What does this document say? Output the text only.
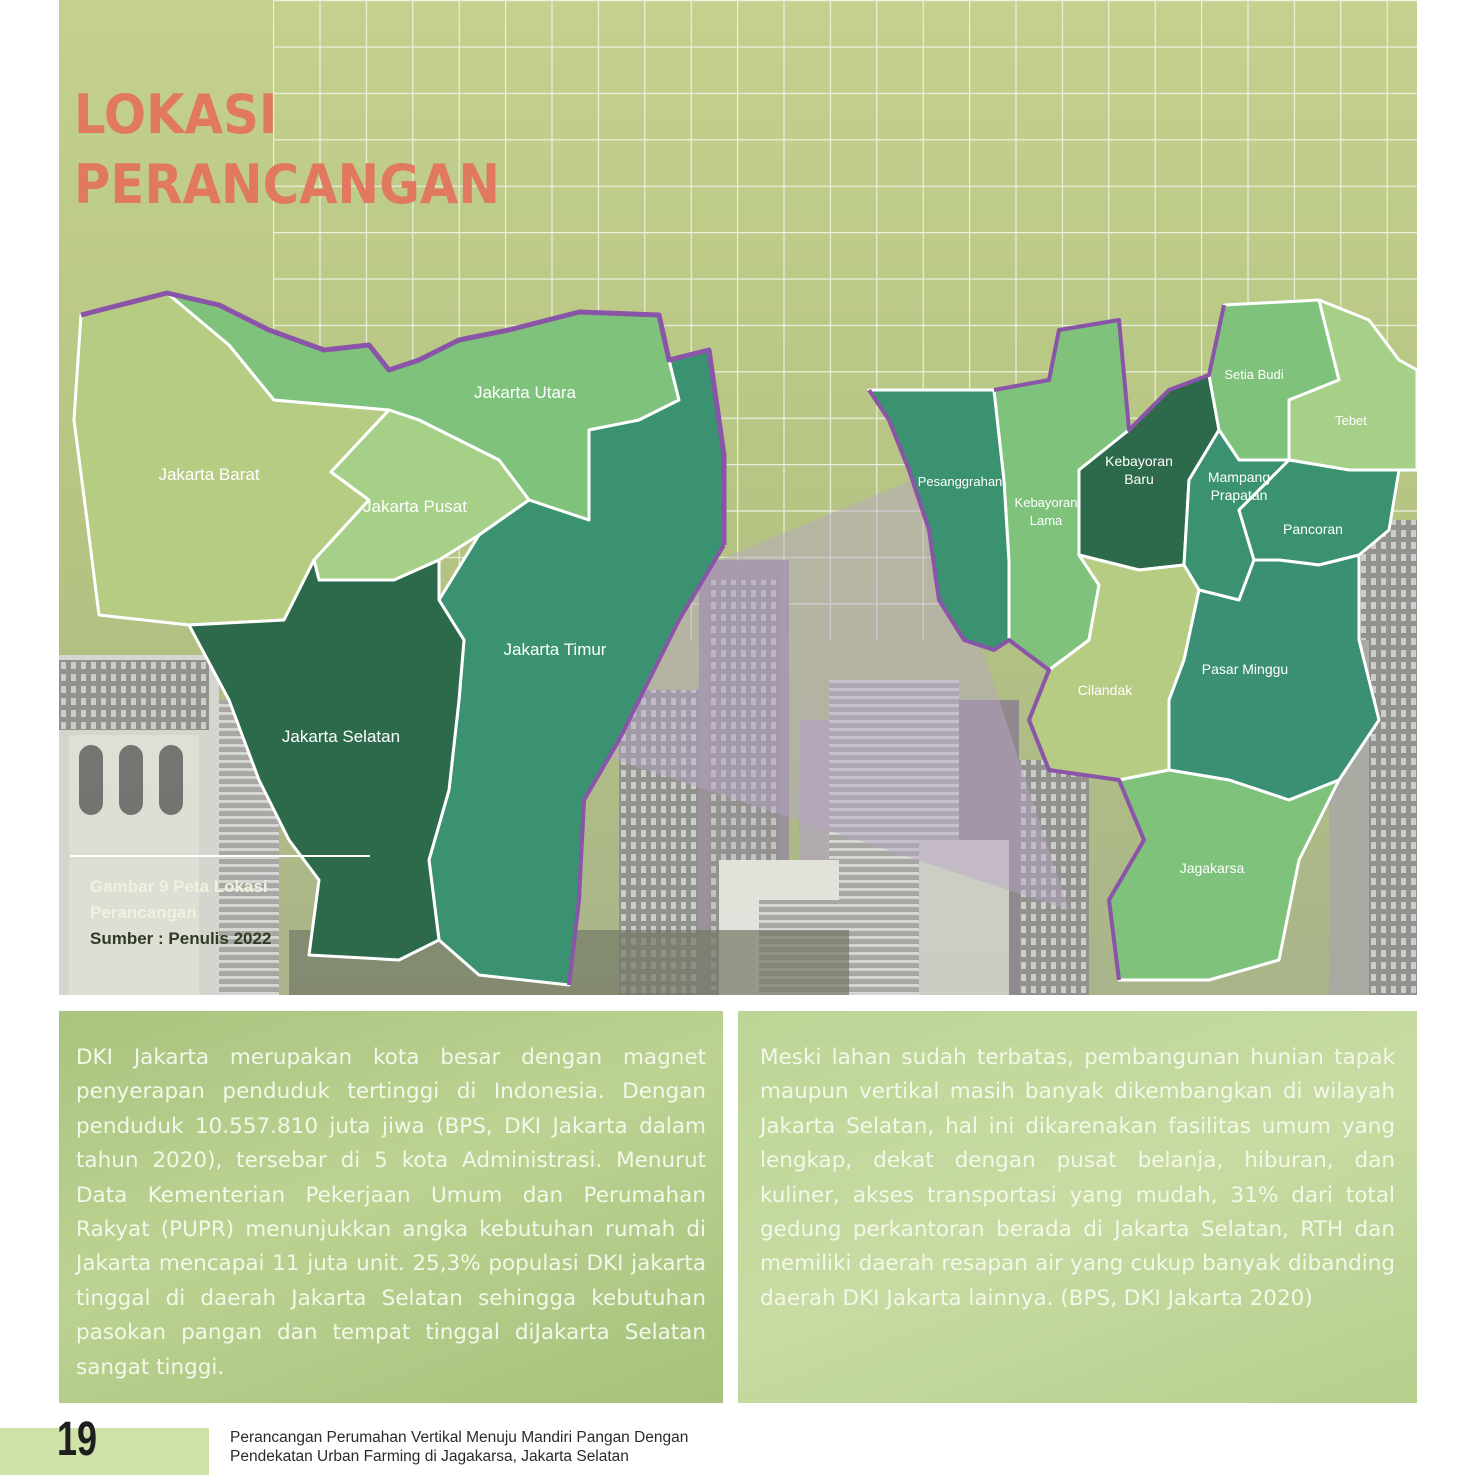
Jakarta Barat
Jakarta Utara
Jakarta Pusat
Jakarta Timur
Jakarta Selatan
Pesanggrahan
Kebayoran
Lama
Kebayoran
Baru
Setia Budi
Tebet
Mampang
Prapatan
Pancoran
Cilandak
Pasar Minggu
Jagakarsa
LOKASI
PERANCANGAN
Gambar 9 Peta Lokasi
Perancangan
Sumber : Penulis 2022

DKI Jakarta merupakan kota besar dengan magnet penyerapan penduduk tertinggi di Indonesia. Dengan penduduk 10.557.810 juta jiwa (BPS, DKI Jakarta dalam tahun 2020), tersebar di 5 kota Administrasi. Menurut Data Kementerian Pekerjaan Umum dan Perumahan Rakyat (PUPR) menunjukkan angka kebutuhan rumah di Jakarta mencapai 11 juta unit. 25,3% populasi DKI jakarta tinggal di daerah Jakarta Selatan sehingga kebutuhan pasokan pangan dan tempat tinggal diJakarta Selatan sangat tinggi.

Meski lahan sudah terbatas, pembangunan hunian tapak maupun vertikal masih banyak dikembangkan di wilayah Jakarta Selatan, hal ini dikarenakan fasilitas umum yang lengkap, dekat dengan pusat belanja, hiburan, dan kuliner, akses transportasi yang mudah, 31% dari total gedung perkantoran berada di Jakarta Selatan, RTH dan memiliki daerah resapan air yang cukup banyak dibanding daerah DKI Jakarta lainnya. (BPS, DKI Jakarta 2020)

19	Perancangan Perumahan Vertikal Menuju Mandiri Pangan Dengan
Pendekatan Urban Farming di Jagakarsa, Jakarta Selatan
